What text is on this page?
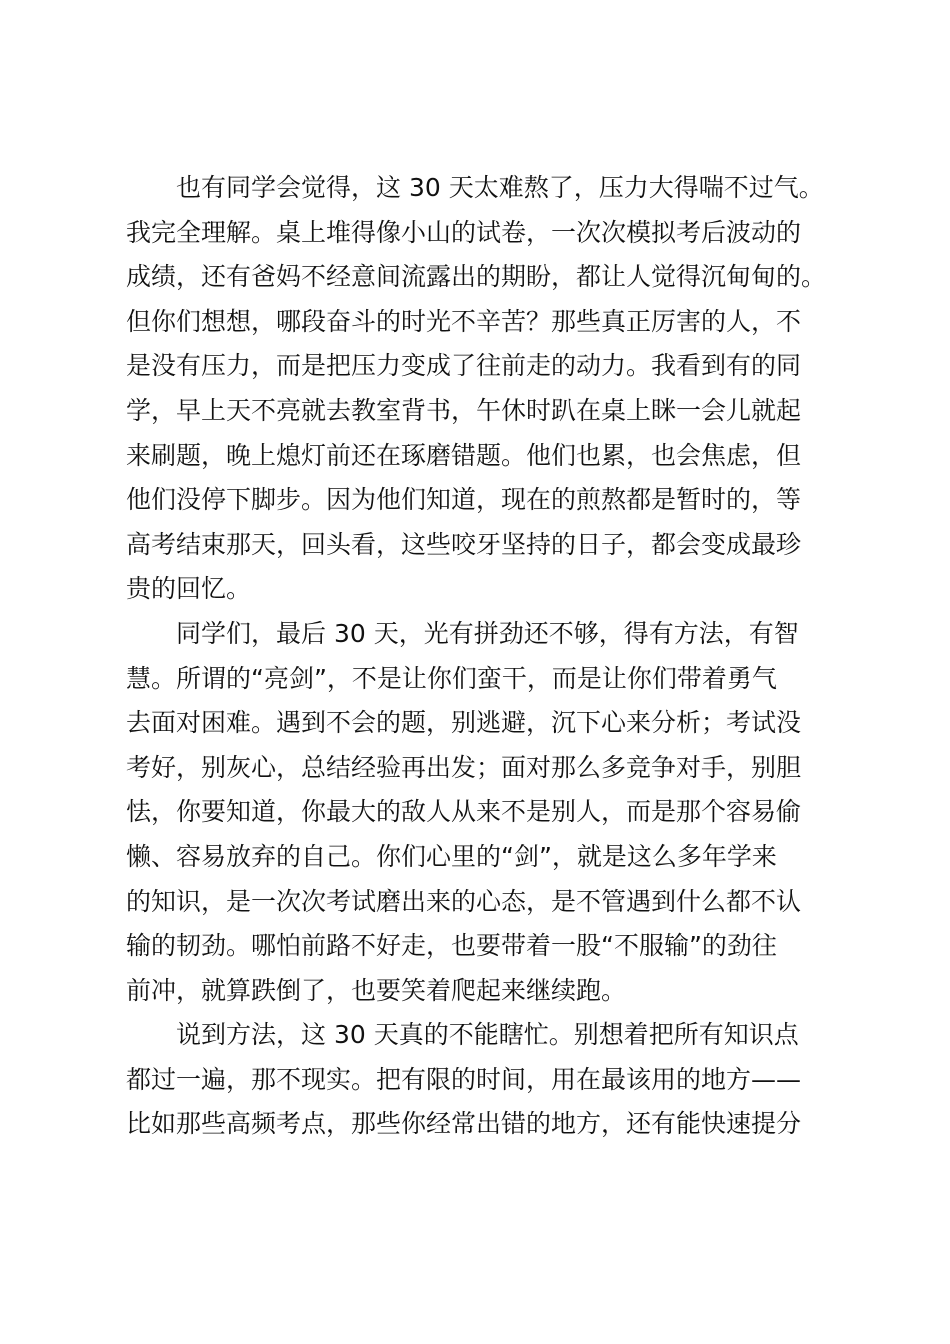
也有同学会觉得，这 30 天太难熬了，压力大得喘不过气。
我完全理解。桌上堆得像小山的试卷，一次次模拟考后波动的
成绩，还有爸妈不经意间流露出的期盼，都让人觉得沉甸甸的。
但你们想想，哪段奋斗的时光不辛苦？那些真正厉害的人，不
是没有压力，而是把压力变成了往前走的动力。我看到有的同
学，早上天不亮就去教室背书，午休时趴在桌上眯一会儿就起
来刷题，晚上熄灯前还在琢磨错题。他们也累，也会焦虑，但
他们没停下脚步。因为他们知道，现在的煎熬都是暂时的，等
高考结束那天，回头看，这些咬牙坚持的日子，都会变成最珍
贵的回忆。
同学们，最后 30 天，光有拼劲还不够，得有方法，有智
慧。所谓的“亮剑”，不是让你们蛮干，而是让你们带着勇气
去面对困难。遇到不会的题，别逃避，沉下心来分析；考试没
考好，别灰心，总结经验再出发；面对那么多竞争对手，别胆
怯，你要知道，你最大的敌人从来不是别人，而是那个容易偷
懒、容易放弃的自己。你们心里的“剑”，就是这么多年学来
的知识，是一次次考试磨出来的心态，是不管遇到什么都不认
输的韧劲。哪怕前路不好走，也要带着一股“不服输”的劲往
前冲，就算跌倒了，也要笑着爬起来继续跑。
说到方法，这 30 天真的不能瞎忙。别想着把所有知识点
都过一遍，那不现实。把有限的时间，用在最该用的地方——
比如那些高频考点，那些你经常出错的地方，还有能快速提分
